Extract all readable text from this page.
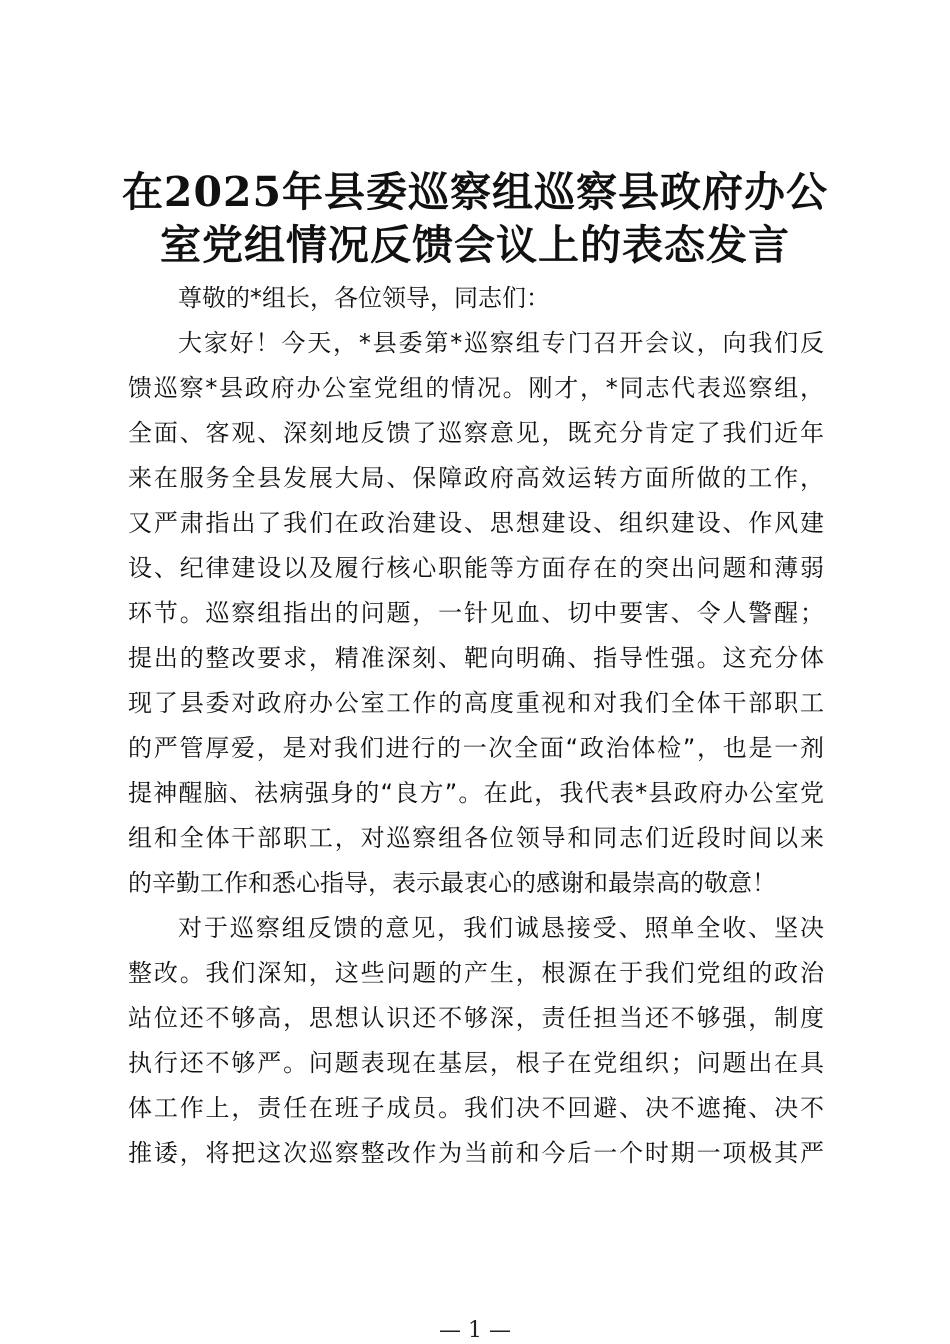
在2025年县委巡察组巡察县政府办公
室党组情况反馈会议上的表态发言

尊敬的*组长，各位领导，同志们：

大家好！今天，*县委第*巡察组专门召开会议，向我们反
馈巡察*县政府办公室党组的情况。刚才，*同志代表巡察组，
全面、客观、深刻地反馈了巡察意见，既充分肯定了我们近年
来在服务全县发展大局、保障政府高效运转方面所做的工作，
又严肃指出了我们在政治建设、思想建设、组织建设、作风建
设、纪律建设以及履行核心职能等方面存在的突出问题和薄弱
环节。巡察组指出的问题，一针见血、切中要害、令人警醒；
提出的整改要求，精准深刻、靶向明确、指导性强。这充分体
现了县委对政府办公室工作的高度重视和对我们全体干部职工
的严管厚爱，是对我们进行的一次全面“政治体检”，也是一剂
提神醒脑、祛病强身的“良方”。在此，我代表*县政府办公室党
组和全体干部职工，对巡察组各位领导和同志们近段时间以来
的辛勤工作和悉心指导，表示最衷心的感谢和最崇高的敬意！

对于巡察组反馈的意见，我们诚恳接受、照单全收、坚决
整改。我们深知，这些问题的产生，根源在于我们党组的政治
站位还不够高，思想认识还不够深，责任担当还不够强，制度
执行还不够严。问题表现在基层，根子在党组织；问题出在具
体工作上，责任在班子成员。我们决不回避、决不遮掩、决不
推诿，将把这次巡察整改作为当前和今后一个时期一项极其严

— 1 —
